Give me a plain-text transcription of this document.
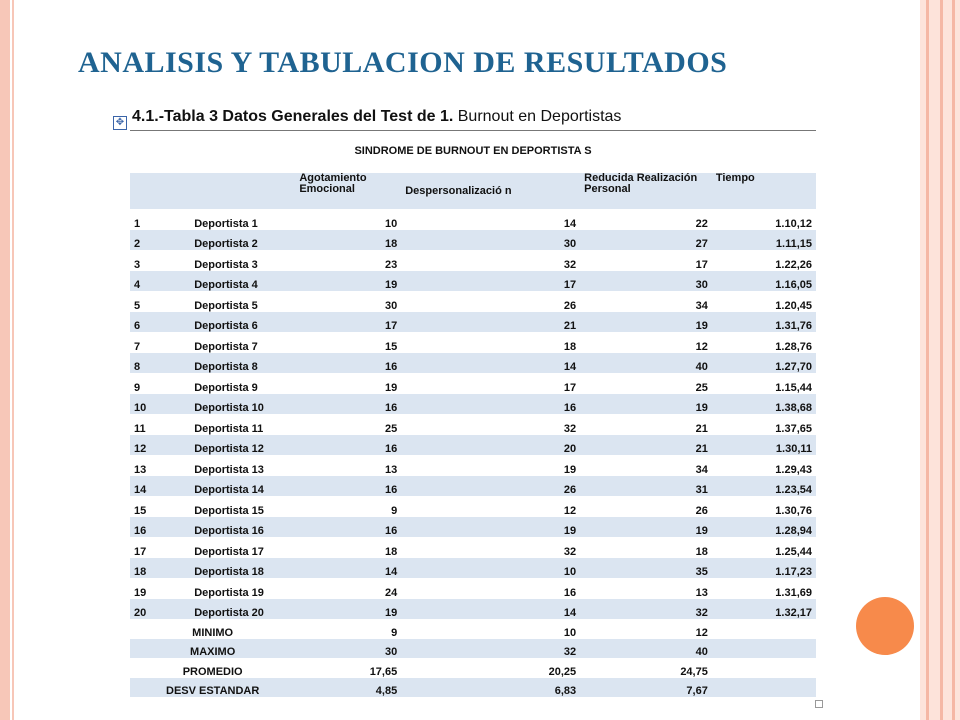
ANALISIS Y TABULACION DE RESULTADOS
✥ 4.1.-Tabla 3 Datos Generales del Test de 1. Burnout en Deportistas
SINDROME DE BURNOUT EN DEPORTISTA S
		Agotamiento Emocional	Despersonalizació n	Reducida Realización Personal	Tiempo
1	Deportista 1	10	14	22	1.10,12
2	Deportista 2	18	30	27	1.11,15
3	Deportista 3	23	32	17	1.22,26
4	Deportista 4	19	17	30	1.16,05
5	Deportista 5	30	26	34	1.20,45
6	Deportista 6	17	21	19	1.31,76
7	Deportista 7	15	18	12	1.28,76
8	Deportista 8	16	14	40	1.27,70
9	Deportista 9	19	17	25	1.15,44
10	Deportista 10	16	16	19	1.38,68
11	Deportista 11	25	32	21	1.37,65
12	Deportista 12	16	20	21	1.30,11
13	Deportista 13	13	19	34	1.29,43
14	Deportista 14	16	26	31	1.23,54
15	Deportista 15	9	12	26	1.30,76
16	Deportista 16	16	19	19	1.28,94
17	Deportista 17	18	32	18	1.25,44
18	Deportista 18	14	10	35	1.17,23
19	Deportista 19	24	16	13	1.31,69
20	Deportista 20	19	14	32	1.32,17
MINIMO		9	10	12	
MAXIMO		30	32	40	
PROMEDIO		17,65	20,25	24,75	
DESV ESTANDAR		4,85	6,83	7,67	
